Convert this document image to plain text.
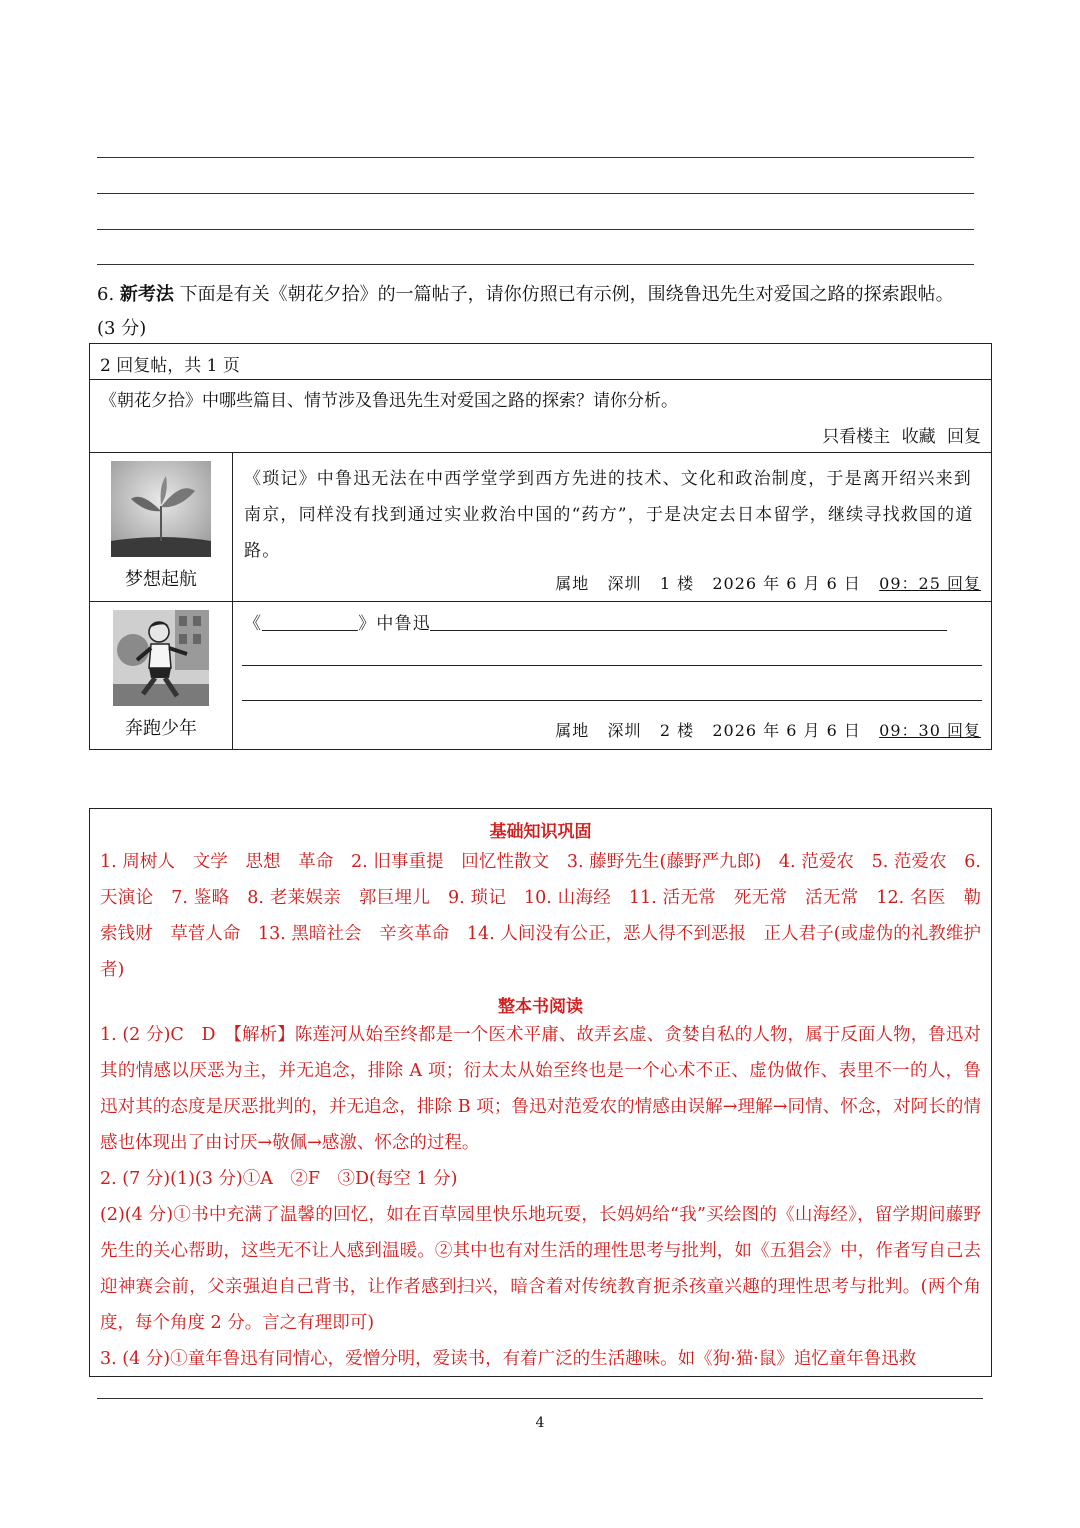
6. 新考法 下面是有关《朝花夕拾》的一篇帖子，请你仿照已有示例，围绕鲁迅先生对爱国之路的探索跟帖。
(3 分)
2 回复帖，共 1 页
《朝花夕拾》中哪些篇目、情节涉及鲁迅先生对爱国之路的探索？请你分析。
只看楼主 收藏 回复
梦想起航
《琐记》中鲁迅无法在中西学堂学到西方先进的技术、文化和政治制度，于是离开绍兴来到南京，同样没有找到通过实业救治中国的“药方”，于是决定去日本留学，继续寻找救国的道路。
属地 深圳 1 楼 2026 年 6 月 6 日 09：25 回复
奔跑少年
《	》中鲁迅
属地 深圳 2 楼 2026 年 6 月 6 日 09：30 回复
基础知识巩固

1. 周树人　文学　思想　革命　2. 旧事重提　回忆性散文　3. 藤野先生(藤野严九郎)　4. 范爱农　5. 范爱农　6. 天演论　7. 鉴略　8. 老莱娱亲　郭巨埋儿　9. 琐记　10. 山海经　11. 活无常　死无常　活无常　12. 名医　勒索钱财　草菅人命　13. 黑暗社会　辛亥革命　14. 人间没有公正，恶人得不到恶报　正人君子(或虚伪的礼教维护者)

整本书阅读

1. (2 分)C　D　【解析】陈莲河从始至终都是一个医术平庸、故弄玄虚、贪婪自私的人物，属于反面人物，鲁迅对其的情感以厌恶为主，并无追念，排除 A 项；衍太太从始至终也是一个心术不正、虚伪做作、表里不一的人，鲁迅对其的态度是厌恶批判的，并无追念，排除 B 项；鲁迅对范爱农的情感由误解→理解→同情、怀念，对阿长的情感也体现出了由讨厌→敬佩→感激、怀念的过程。

2. (7 分)(1)(3 分)①A　②F　③D(每空 1 分)

(2)(4 分)①书中充满了温馨的回忆，如在百草园里快乐地玩耍，长妈妈给“我”买绘图的《山海经》，留学期间藤野先生的关心帮助，这些无不让人感到温暖。②其中也有对生活的理性思考与批判，如《五猖会》中，作者写自己去迎神赛会前，父亲强迫自己背书，让作者感到扫兴，暗含着对传统教育扼杀孩童兴趣的理性思考与批判。(两个角度，每个角度 2 分。言之有理即可)

3. (4 分)①童年鲁迅有同情心，爱憎分明，爱读书，有着广泛的生活趣味。如《狗·猫·鼠》追忆童年鲁迅救

4
